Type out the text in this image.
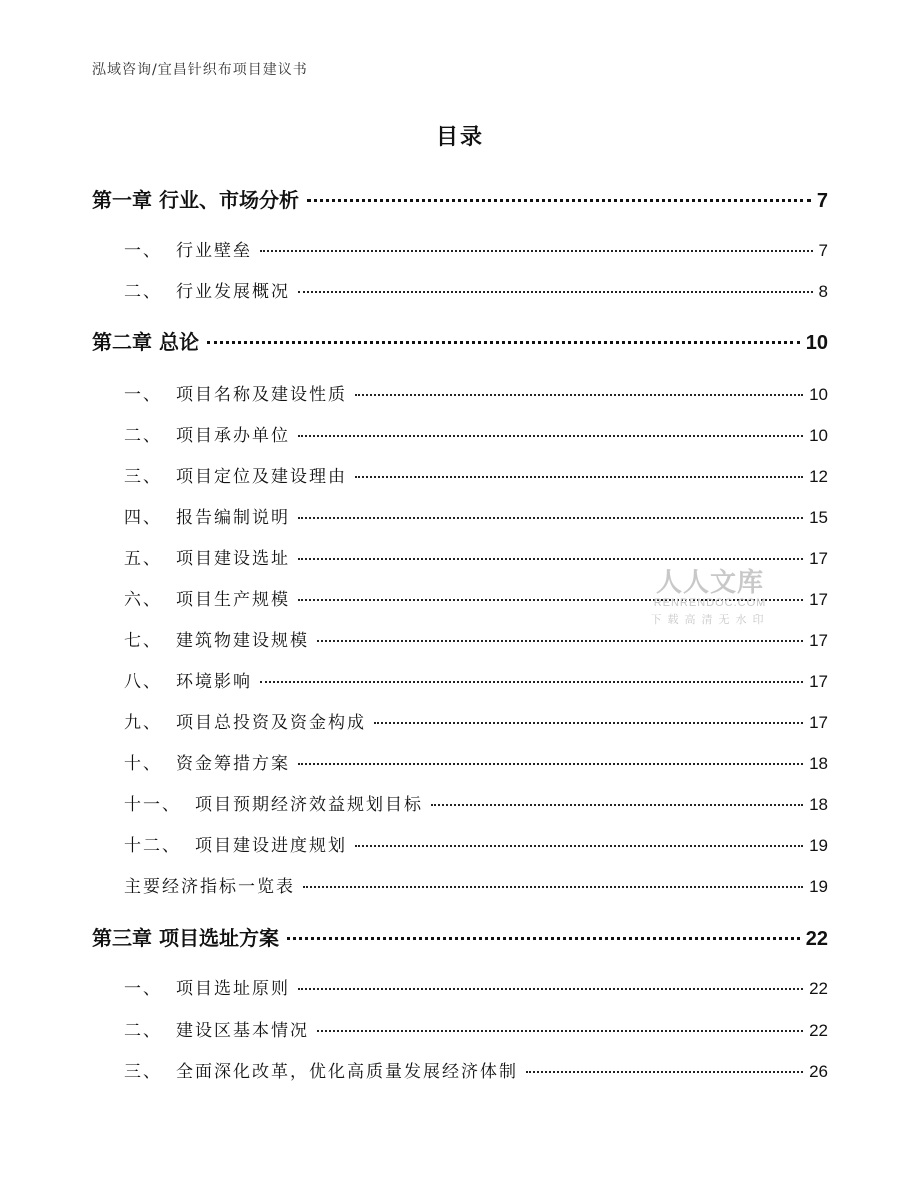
泓域咨询/宜昌针织布项目建议书
目录
第一章 行业、市场分析	7
一、 行业壁垒	7
二、 行业发展概况	8
第二章 总论	10
一、 项目名称及建设性质	10
二、 项目承办单位	10
三、 项目定位及建设理由	12
四、 报告编制说明	15
五、 项目建设选址	17
六、 项目生产规模	17
七、 建筑物建设规模	17
八、 环境影响	17
九、 项目总投资及资金构成	17
十、 资金筹措方案	18
十一、 项目预期经济效益规划目标	18
十二、 项目建设进度规划	19
主要经济指标一览表	19
第三章 项目选址方案	22
一、 项目选址原则	22
二、 建设区基本情况	22
三、 全面深化改革，优化高质量发展经济体制	26
人人文库
RENRENDOC.COM
下载高清无水印
